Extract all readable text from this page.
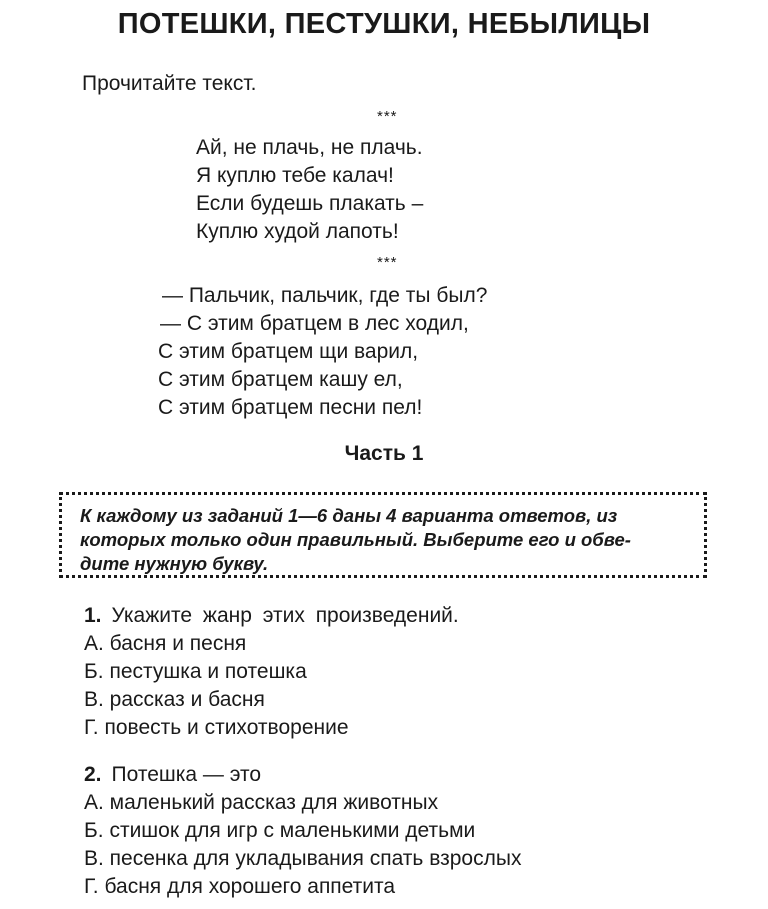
ПОТЕШКИ, ПЕСТУШКИ, НЕБЫЛИЦЫ
Прочитайте текст.
***
Ай, не плачь, не плачь.
Я куплю тебе калач!
Если будешь плакать –
Куплю худой лапоть!
***
— Пальчик, пальчик, где ты был?
— С этим братцем в лес ходил,
С этим братцем щи варил,
С этим братцем кашу ел,
С этим братцем песни пел!
Часть 1
К каждому из заданий 1—6 даны 4 варианта ответов, из
которых только один правильный. Выберите его и обве-
дите нужную букву.
1. Укажите жанр этих произведений.
А. басня и песня
Б. пестушка и потешка
В. рассказ и басня
Г. повесть и стихотворение
2. Потешка — это
А. маленький рассказ для животных
Б. стишок для игр с маленькими детьми
В. песенка для укладывания спать взрослых
Г. басня для хорошего аппетита
